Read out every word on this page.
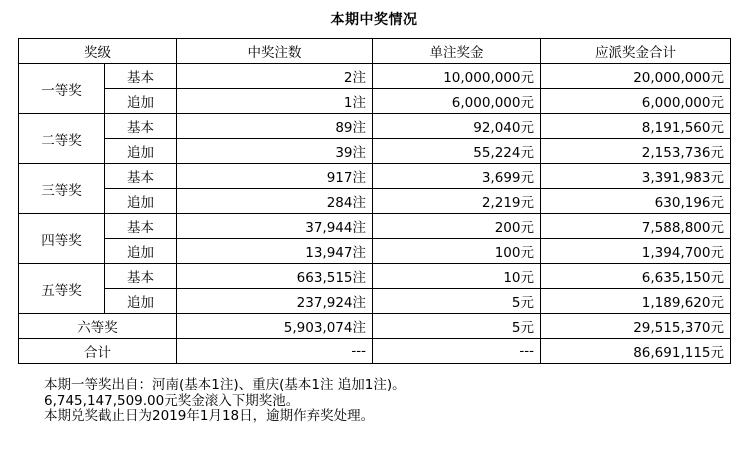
本期中奖情况
奖级		中奖注数	单注奖金	应派奖金合计
一等奖	基本	2注	10,000,000元	20,000,000元
	追加	1注	6,000,000元	6,000,000元
二等奖	基本	89注	92,040元	8,191,560元
	追加	39注	55,224元	2,153,736元
三等奖	基本	917注	3,699元	3,391,983元
	追加	284注	2,219元	630,196元
四等奖	基本	37,944注	200元	7,588,800元
	追加	13,947注	100元	1,394,700元
五等奖	基本	663,515注	10元	6,635,150元
	追加	237,924注	5元	1,189,620元
六等奖		5,903,074注	5元	29,515,370元
合计		---	---	86,691,115元

本期一等奖出自：河南(基本1注)、重庆(基本1注 追加1注)。

6,745,147,509.00元奖金滚入下期奖池。

本期兑奖截止日为2019年1月18日，逾期作弃奖处理。
